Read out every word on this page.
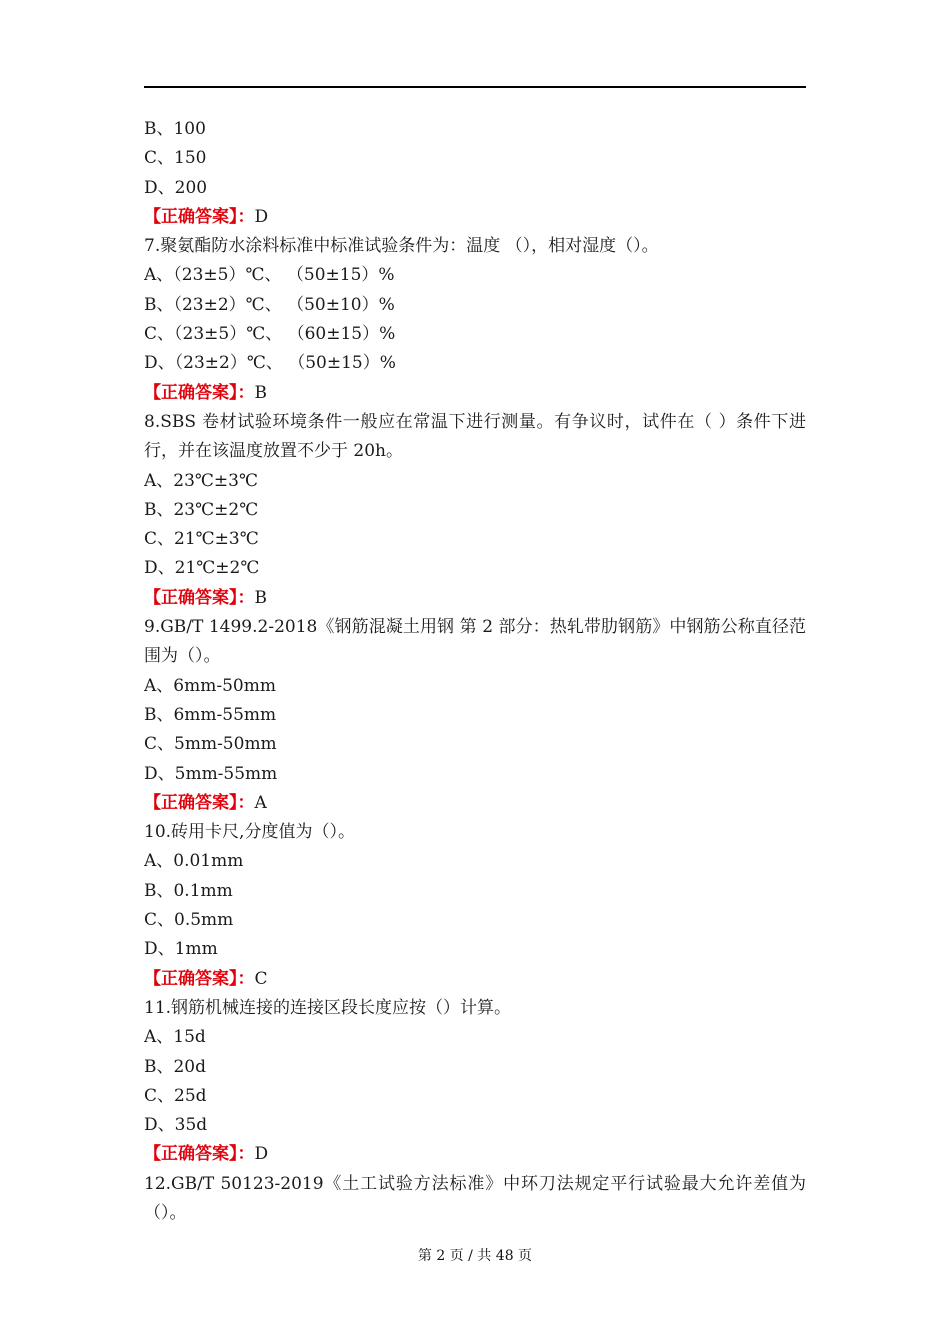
B、100
C、150
D、200
【正确答案】：D
7.聚氨酯防水涂料标准中标准试验条件为：温度 （），相对湿度（）。
A、（23±5）℃、 （50±15）%
B、（23±2）℃、 （50±10）%
C、（23±5）℃、 （60±15）%
D、（23±2）℃、 （50±15）%
【正确答案】：B
8.SBS 卷材试验环境条件一般应在常温下进行测量。有争议时，试件在（ ）条件下进行，并在该温度放置不少于 20h。
A、23℃±3℃
B、23℃±2℃
C、21℃±3℃
D、21℃±2℃
【正确答案】：B
9.GB/T 1499.2-2018《钢筋混凝土用钢 第 2 部分：热轧带肋钢筋》中钢筋公称直径范围为（）。
A、6mm-50mm
B、6mm-55mm
C、5mm-50mm
D、5mm-55mm
【正确答案】：A
10.砖用卡尺,分度值为（）。
A、0.01mm
B、0.1mm
C、0.5mm
D、1mm
【正确答案】：C
11.钢筋机械连接的连接区段长度应按（）计算。
A、15d
B、20d
C、25d
D、35d
【正确答案】：D
12.GB/T 50123-2019《土工试验方法标准》中环刀法规定平行试验最大允许差值为（）。
第 2 页 / 共 48 页
